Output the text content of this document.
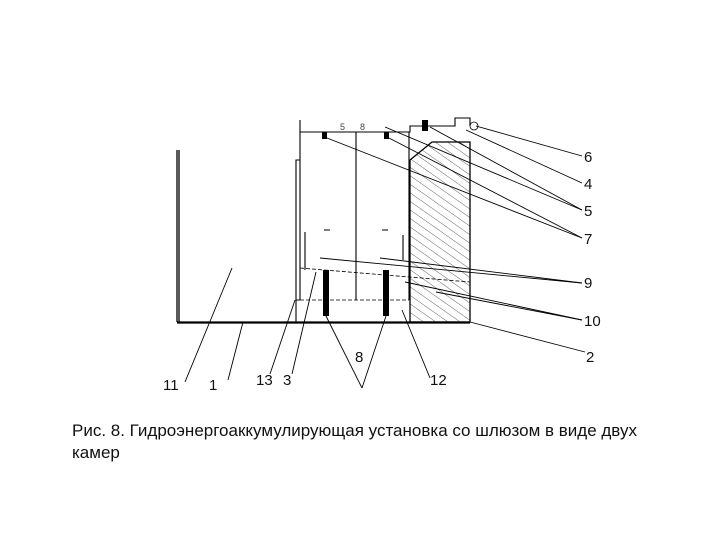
5 8
6
4
5
7
9
10
8	2
11 1	13 3	12
Рис. 8. Гидроэнергоаккумулирующая установка со шлюзом в виде двух камер
